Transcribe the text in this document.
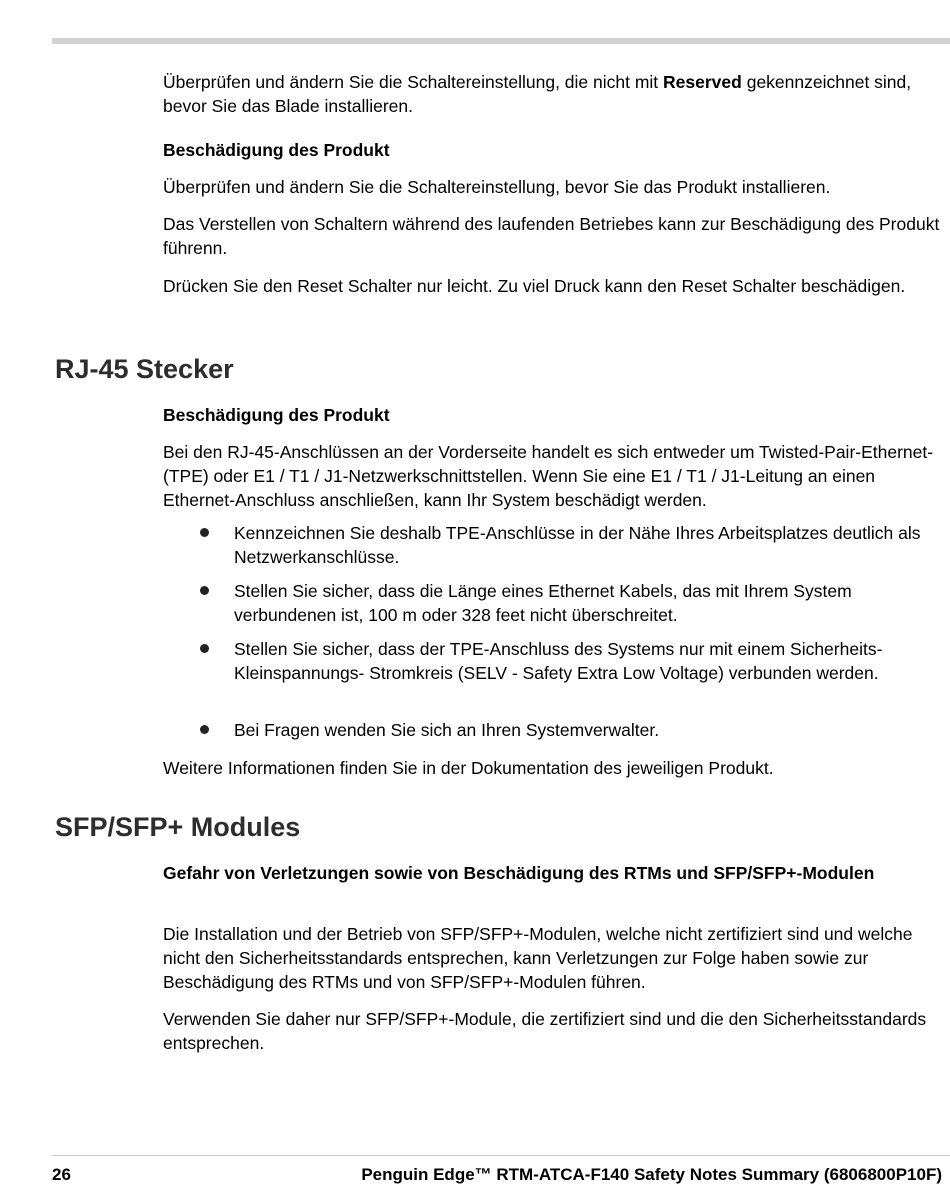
Überprüfen und ändern Sie die Schaltereinstellung, die nicht mit Reserved gekennzeichnet sind, bevor Sie das Blade installieren.

Beschädigung des Produkt

Überprüfen und ändern Sie die Schaltereinstellung, bevor Sie das Produkt installieren.

Das Verstellen von Schaltern während des laufenden Betriebes kann zur Beschädigung des Produkt führenn.

Drücken Sie den Reset Schalter nur leicht. Zu viel Druck kann den Reset Schalter beschädigen.

RJ-45 Stecker

Beschädigung des Produkt

Bei den RJ-45-Anschlüssen an der Vorderseite handelt es sich entweder um Twisted-Pair-Ethernet- (TPE) oder E1 / T1 / J1-Netzwerkschnittstellen. Wenn Sie eine E1 / T1 / J1-Leitung an einen Ethernet-Anschluss anschließen, kann Ihr System beschädigt werden.

Kennzeichnen Sie deshalb TPE-Anschlüsse in der Nähe Ihres Arbeitsplatzes deutlich als Netzwerkanschlüsse.

Stellen Sie sicher, dass die Länge eines Ethernet Kabels, das mit Ihrem System verbundenen ist, 100 m oder 328 feet nicht überschreitet.

Stellen Sie sicher, dass der TPE-Anschluss des Systems nur mit einem Sicherheits-Kleinspannungs- Stromkreis (SELV - Safety Extra Low Voltage) verbunden werden.

Bei Fragen wenden Sie sich an Ihren Systemverwalter.

Weitere Informationen finden Sie in der Dokumentation des jeweiligen Produkt.

SFP/SFP+ Modules

Gefahr von Verletzungen sowie von Beschädigung des RTMs und SFP/SFP+-Modulen

Die Installation und der Betrieb von SFP/SFP+-Modulen, welche nicht zertifiziert sind und welche nicht den Sicherheitsstandards entsprechen, kann Verletzungen zur Folge haben sowie zur Beschädigung des RTMs und von SFP/SFP+-Modulen führen.

Verwenden Sie daher nur SFP/SFP+-Module, die zertifiziert sind und die den Sicherheitsstandards entsprechen.

26	Penguin Edge™ RTM-ATCA-F140 Safety Notes Summary (6806800P10F)
